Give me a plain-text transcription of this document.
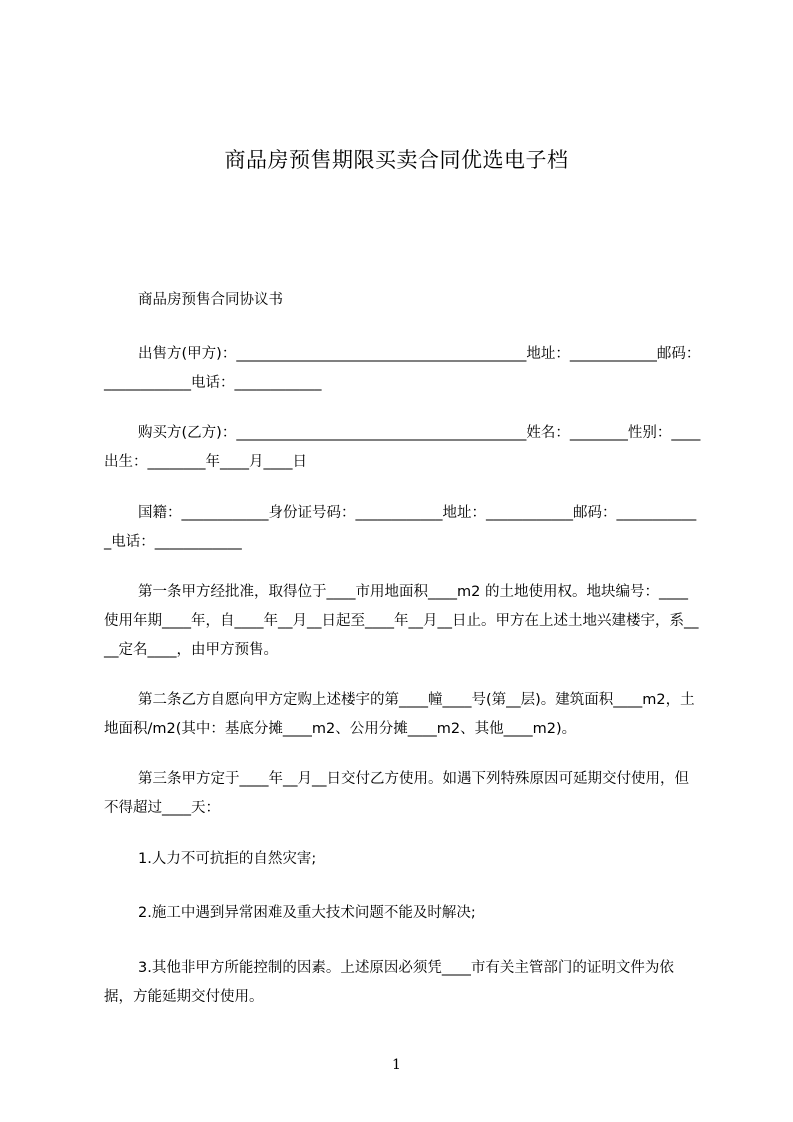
商品房预售期限买卖合同优选电子档

商品房预售合同协议书

出售方(甲方)：________________________________________地址：____________邮码：____________电话：____________

购买方(乙方)：________________________________________姓名：________性别：____出生：________年____月____日

国籍：____________身份证号码：____________地址：____________邮码：____________电话：____________

第一条甲方经批准，取得位于____市用地面积____m2 的土地使用权。地块编号：____使用年期____年，自____年__月__日起至____年__月__日止。甲方在上述土地兴建楼宇，系____定名____，由甲方预售。

第二条乙方自愿向甲方定购上述楼宇的第____幢____号(第__层)。建筑面积____m2，土地面积/m2(其中：基底分摊____m2、公用分摊____m2、其他____m2)。

第三条甲方定于____年__月__日交付乙方使用。如遇下列特殊原因可延期交付使用，但不得超过____天：

1.人力不可抗拒的自然灾害;

2.施工中遇到异常困难及重大技术问题不能及时解决;

3.其他非甲方所能控制的因素。上述原因必须凭____市有关主管部门的证明文件为依据，方能延期交付使用。

1
